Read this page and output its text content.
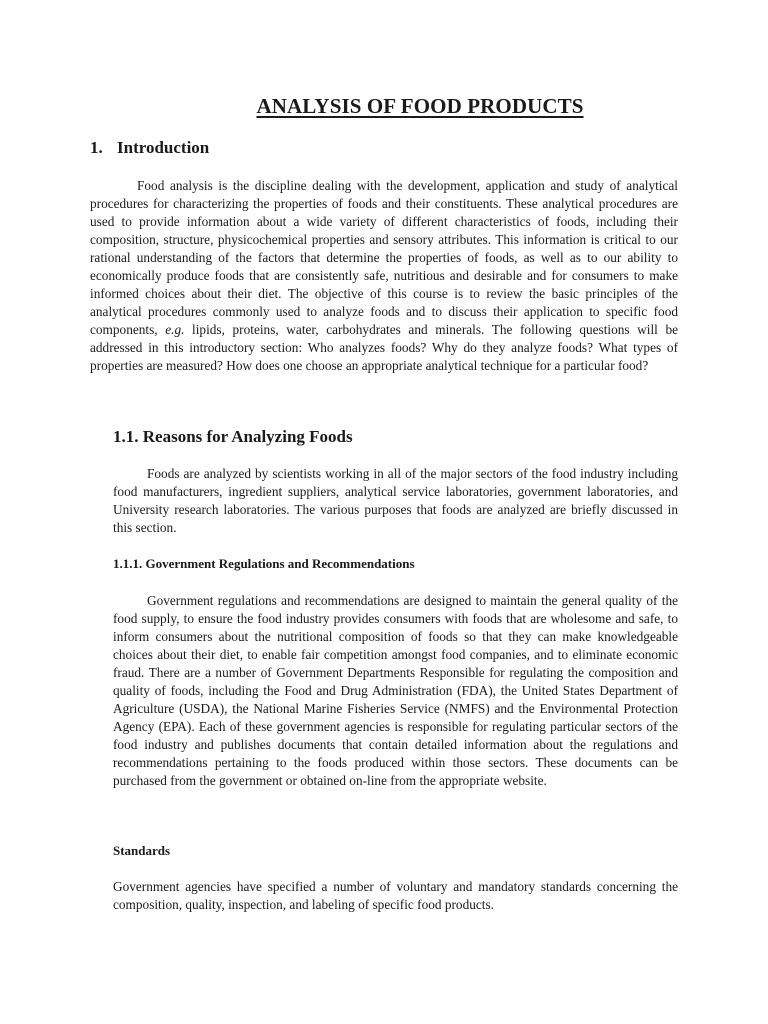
ANALYSIS OF FOOD PRODUCTS
1. Introduction

Food analysis is the discipline dealing with the development, application and study of analytical procedures for characterizing the properties of foods and their constituents. These analytical procedures are used to provide information about a wide variety of different characteristics of foods, including their composition, structure, physicochemical properties and sensory attributes. This information is critical to our rational understanding of the factors that determine the properties of foods, as well as to our ability to economically produce foods that are consistently safe, nutritious and desirable and for consumers to make informed choices about their diet. The objective of this course is to review the basic principles of the analytical procedures commonly used to analyze foods and to discuss their application to specific food components, e.g. lipids, proteins, water, carbohydrates and minerals. The following questions will be addressed in this introductory section: Who analyzes foods? Why do they analyze foods? What types of properties are measured? How does one choose an appropriate analytical technique for a particular food?

1.1. Reasons for Analyzing Foods

Foods are analyzed by scientists working in all of the major sectors of the food industry including food manufacturers, ingredient suppliers, analytical service laboratories, government laboratories, and University research laboratories. The various purposes that foods are analyzed are briefly discussed in this section.

1.1.1. Government Regulations and Recommendations

Government regulations and recommendations are designed to maintain the general quality of the food supply, to ensure the food industry provides consumers with foods that are wholesome and safe, to inform consumers about the nutritional composition of foods so that they can make knowledgeable choices about their diet, to enable fair competition amongst food companies, and to eliminate economic fraud. There are a number of Government Departments Responsible for regulating the composition and quality of foods, including the Food and Drug Administration (FDA), the United States Department of Agriculture (USDA), the National Marine Fisheries Service (NMFS) and the Environmental Protection Agency (EPA). Each of these government agencies is responsible for regulating particular sectors of the food industry and publishes documents that contain detailed information about the regulations and recommendations pertaining to the foods produced within those sectors. These documents can be purchased from the government or obtained on-line from the appropriate website.

Standards

Government agencies have specified a number of voluntary and mandatory standards concerning the composition, quality, inspection, and labeling of specific food products.
